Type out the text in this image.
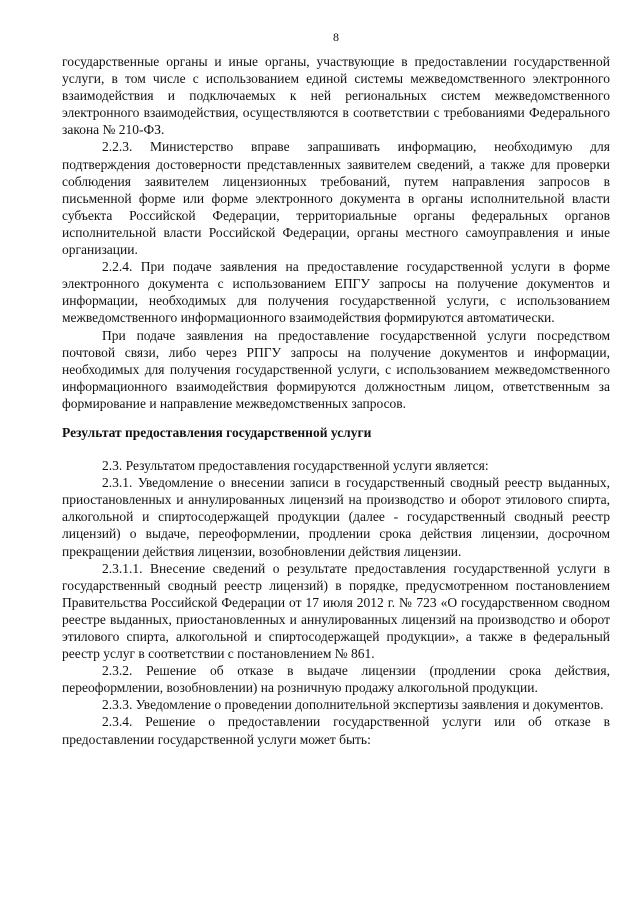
8

государственные органы и иные органы, участвующие в предоставлении государственной услуги, в том числе с использованием единой системы межведомственного электронного взаимодействия и подключаемых к ней региональных систем межведомственного электронного взаимодействия, осуществляются в соответствии с требованиями Федерального закона № 210-ФЗ.

2.2.3. Министерство вправе запрашивать информацию, необходимую для подтверждения достоверности представленных заявителем сведений, а также для проверки соблюдения заявителем лицензионных требований, путем направления запросов в письменной форме или форме электронного документа в органы исполнительной власти субъекта Российской Федерации, территориальные органы федеральных органов исполнительной власти Российской Федерации, органы местного самоуправления и иные организации.

2.2.4. При подаче заявления на предоставление государственной услуги в форме электронного документа с использованием ЕПГУ запросы на получение документов и информации, необходимых для получения государственной услуги, с использованием межведомственного информационного взаимодействия формируются автоматически.

При подаче заявления на предоставление государственной услуги посредством почтовой связи, либо через РПГУ запросы на получение документов и информации, необходимых для получения государственной услуги, с использованием межведомственного информационного взаимодействия формируются должностным лицом, ответственным за формирование и направление межведомственных запросов.

Результат предоставления государственной услуги

2.3. Результатом предоставления государственной услуги является:

2.3.1. Уведомление о внесении записи в государственный сводный реестр выданных, приостановленных и аннулированных лицензий на производство и оборот этилового спирта, алкогольной и спиртосодержащей продукции (далее - государственный сводный реестр лицензий) о выдаче, переоформлении, продлении срока действия лицензии, досрочном прекращении действия лицензии, возобновлении действия лицензии.

2.3.1.1. Внесение сведений о результате предоставления государственной услуги в государственный сводный реестр лицензий) в порядке, предусмотренном постановлением Правительства Российской Федерации от 17 июля 2012 г. № 723 «О государственном сводном реестре выданных, приостановленных и аннулированных лицензий на производство и оборот этилового спирта, алкогольной и спиртосодержащей продукции», а также в федеральный реестр услуг в соответствии с постановлением № 861.

2.3.2. Решение об отказе в выдаче лицензии (продлении срока действия, переоформлении, возобновлении) на розничную продажу алкогольной продукции.

2.3.3. Уведомление о проведении дополнительной экспертизы заявления и документов.

2.3.4. Решение о предоставлении государственной услуги или об отказе в предоставлении государственной услуги может быть:
